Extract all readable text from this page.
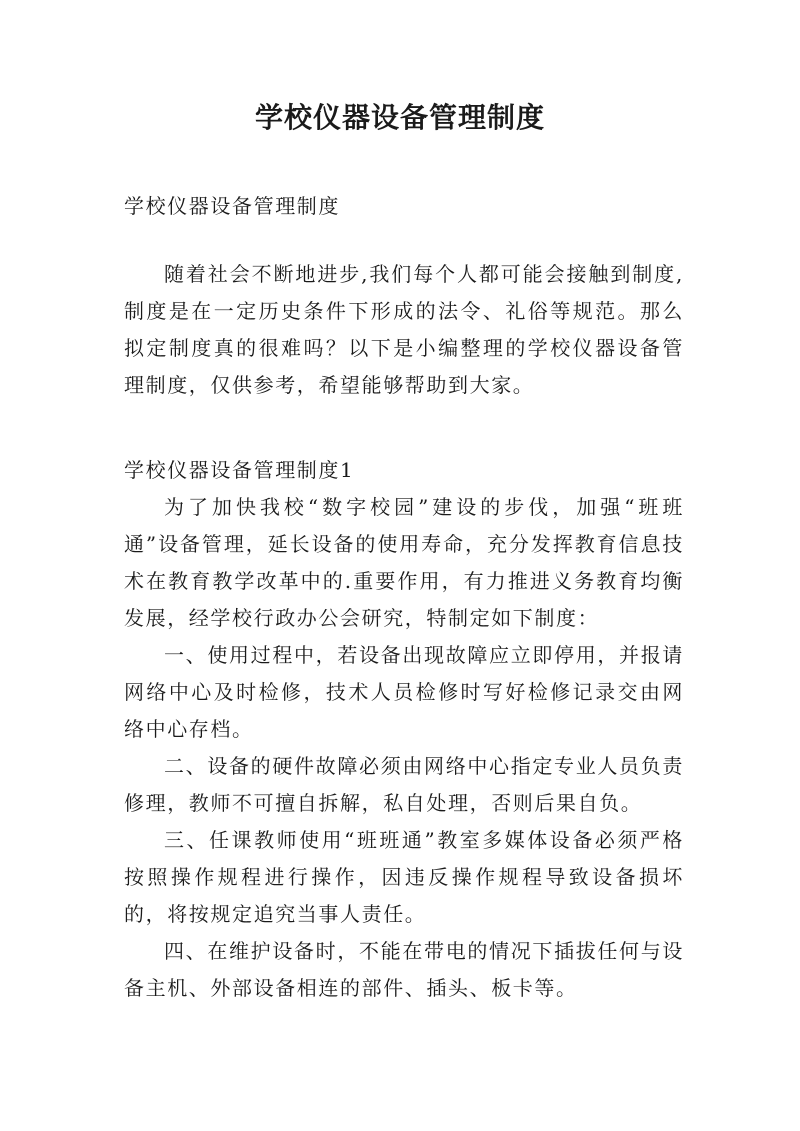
学校仪器设备管理制度

学校仪器设备管理制度

随着社会不断地进步,我们每个人都可能会接触到制度,制度是在一定历史条件下形成的法令、礼俗等规范。那么拟定制度真的很难吗？以下是小编整理的学校仪器设备管理制度，仅供参考，希望能够帮助到大家。

学校仪器设备管理制度1

为了加快我校“数字校园”建设的步伐，加强“班班通”设备管理，延长设备的使用寿命，充分发挥教育信息技术在教育教学改革中的.重要作用，有力推进义务教育均衡发展，经学校行政办公会研究，特制定如下制度：

一、使用过程中，若设备出现故障应立即停用，并报请网络中心及时检修，技术人员检修时写好检修记录交由网络中心存档。

二、设备的硬件故障必须由网络中心指定专业人员负责修理，教师不可擅自拆解，私自处理，否则后果自负。

三、任课教师使用“班班通”教室多媒体设备必须严格按照操作规程进行操作，因违反操作规程导致设备损坏的，将按规定追究当事人责任。

四、在维护设备时，不能在带电的情况下插拔任何与设备主机、外部设备相连的部件、插头、板卡等。
